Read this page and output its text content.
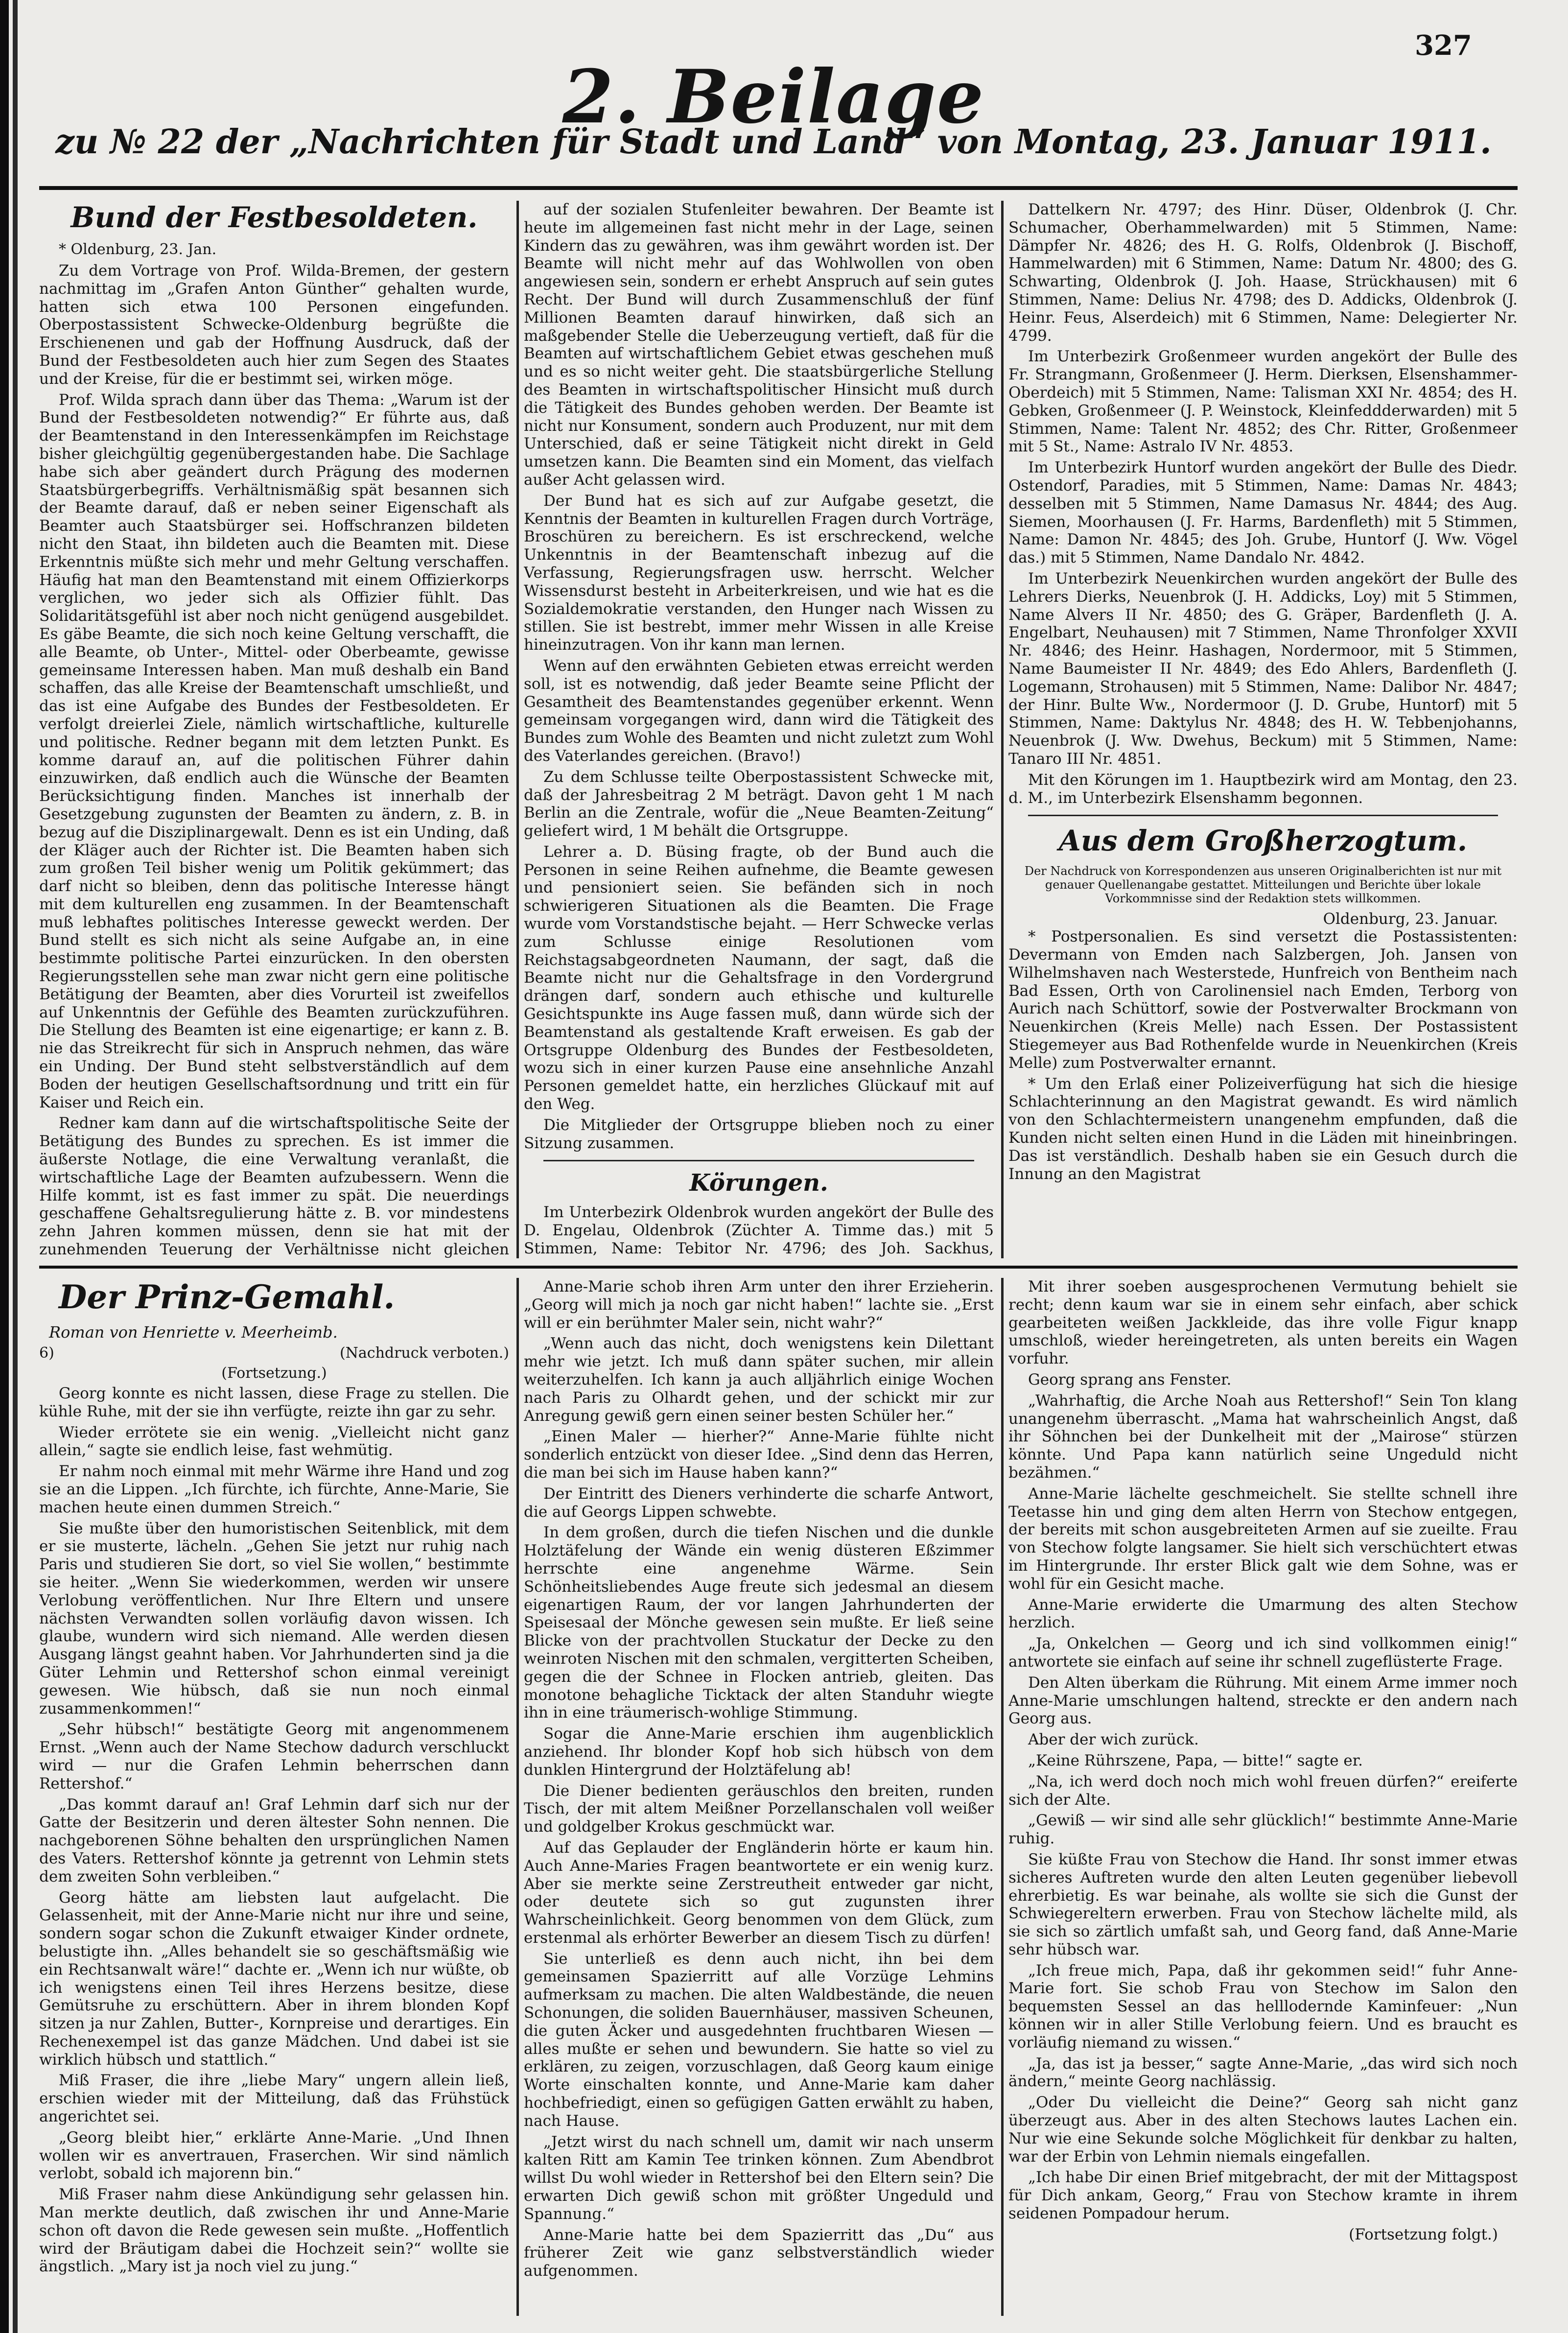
327
2. Beilage
zu № 22 der „Nachrichten für Stadt und Land“ von Montag, 23. Januar 1911.
Bund der Festbesoldeten.
* Oldenburg, 23. Jan.

Zu dem Vortrage von Prof. Wilda-Bremen, der gestern nachmittag im „Grafen Anton Günther“ gehalten wurde, hatten sich etwa 100 Personen eingefunden. Oberpostassistent Schwecke-Oldenburg begrüßte die Erschienenen und gab der Hoffnung Ausdruck, daß der Bund der Festbesoldeten auch hier zum Segen des Staates und der Kreise, für die er bestimmt sei, wirken möge.

Prof. Wilda sprach dann über das Thema: „Warum ist der Bund der Festbesoldeten notwendig?“ Er führte aus, daß der Beamtenstand in den Interessenkämpfen im Reichstage bisher gleichgültig gegenübergestanden habe. Die Sachlage habe sich aber geändert durch Prägung des modernen Staatsbürgerbegriffs. Verhältnismäßig spät besannen sich der Beamte darauf, daß er neben seiner Eigenschaft als Beamter auch Staatsbürger sei. Hoffschranzen bildeten nicht den Staat, ihn bildeten auch die Beamten mit. Diese Erkenntnis müßte sich mehr und mehr Geltung verschaffen. Häufig hat man den Beamtenstand mit einem Offizierkorps verglichen, wo jeder sich als Offizier fühlt. Das Solidaritätsgefühl ist aber noch nicht genügend ausgebildet. Es gäbe Beamte, die sich noch keine Geltung verschafft, die alle Beamte, ob Unter-, Mittel- oder Oberbeamte, gewisse gemeinsame Interessen haben. Man muß deshalb ein Band schaffen, das alle Kreise der Beamtenschaft umschließt, und das ist eine Aufgabe des Bundes der Festbesoldeten. Er verfolgt dreierlei Ziele, nämlich wirtschaftliche, kulturelle und politische. Redner begann mit dem letzten Punkt. Es komme darauf an, auf die politischen Führer dahin einzuwirken, daß endlich auch die Wünsche der Beamten Berücksichtigung finden. Manches ist innerhalb der Gesetzgebung zugunsten der Beamten zu ändern, z. B. in bezug auf die Disziplinargewalt. Denn es ist ein Unding, daß der Kläger auch der Richter ist. Die Beamten haben sich zum großen Teil bisher wenig um Politik gekümmert; das darf nicht so bleiben, denn das politische Interesse hängt mit dem kulturellen eng zusammen. In der Beamtenschaft muß lebhaftes politisches Interesse geweckt werden. Der Bund stellt es sich nicht als seine Aufgabe an, in eine bestimmte politische Partei einzurücken. In den obersten Regierungsstellen sehe man zwar nicht gern eine politische Betätigung der Beamten, aber dies Vorurteil ist zweifellos auf Unkenntnis der Gefühle des Beamten zurückzuführen. Die Stellung des Beamten ist eine eigenartige; er kann z. B. nie das Streikrecht für sich in Anspruch nehmen, das wäre ein Unding. Der Bund steht selbstverständlich auf dem Boden der heutigen Gesellschaftsordnung und tritt ein für Kaiser und Reich ein.

Redner kam dann auf die wirtschaftspolitische Seite der Betätigung des Bundes zu sprechen. Es ist immer die äußerste Notlage, die eine Verwaltung veranlaßt, die wirtschaftliche Lage der Beamten aufzubessern. Wenn die Hilfe kommt, ist es fast immer zu spät. Die neuerdings geschaffene Gehaltsregulierung hätte z. B. vor mindestens zehn Jahren kommen müssen, denn sie hat mit der zunehmenden Teuerung der Verhältnisse nicht gleichen

auf der sozialen Stufenleiter bewahren. Der Beamte ist heute im allgemeinen fast nicht mehr in der Lage, seinen Kindern das zu gewähren, was ihm gewährt worden ist. Der Beamte will nicht mehr auf das Wohlwollen von oben angewiesen sein, sondern er erhebt Anspruch auf sein gutes Recht. Der Bund will durch Zusammenschluß der fünf Millionen Beamten darauf hinwirken, daß sich an maßgebender Stelle die Ueberzeugung vertieft, daß für die Beamten auf wirtschaftlichem Gebiet etwas geschehen muß und es so nicht weiter geht. Die staatsbürgerliche Stellung des Beamten in wirtschaftspolitischer Hinsicht muß durch die Tätigkeit des Bundes gehoben werden. Der Beamte ist nicht nur Konsument, sondern auch Produzent, nur mit dem Unterschied, daß er seine Tätigkeit nicht direkt in Geld umsetzen kann. Die Beamten sind ein Moment, das vielfach außer Acht gelassen wird.

Der Bund hat es sich auf zur Aufgabe gesetzt, die Kenntnis der Beamten in kulturellen Fragen durch Vorträge, Broschüren zu bereichern. Es ist erschreckend, welche Unkenntnis in der Beamtenschaft inbezug auf die Verfassung, Regierungsfragen usw. herrscht. Welcher Wissensdurst besteht in Arbeiterkreisen, und wie hat es die Sozialdemokratie verstanden, den Hunger nach Wissen zu stillen. Sie ist bestrebt, immer mehr Wissen in alle Kreise hineinzutragen. Von ihr kann man lernen.

Wenn auf den erwähnten Gebieten etwas erreicht werden soll, ist es notwendig, daß jeder Beamte seine Pflicht der Gesamtheit des Beamtenstandes gegenüber erkennt. Wenn gemeinsam vorgegangen wird, dann wird die Tätigkeit des Bundes zum Wohle des Beamten und nicht zuletzt zum Wohl des Vaterlandes gereichen. (Bravo!)

Zu dem Schlusse teilte Oberpostassistent Schwecke mit, daß der Jahresbeitrag 2 M beträgt. Davon geht 1 M nach Berlin an die Zentrale, wofür die „Neue Beamten-Zeitung“ geliefert wird, 1 M behält die Ortsgruppe.

Lehrer a. D. Büsing fragte, ob der Bund auch die Personen in seine Reihen aufnehme, die Beamte gewesen und pensioniert seien. Sie befänden sich in noch schwierigeren Situationen als die Beamten. Die Frage wurde vom Vorstandstische bejaht. — Herr Schwecke verlas zum Schlusse einige Resolutionen vom Reichstagsabgeordneten Naumann, der sagt, daß die Beamte nicht nur die Gehaltsfrage in den Vordergrund drängen darf, sondern auch ethische und kulturelle Gesichtspunkte ins Auge fassen muß, dann würde sich der Beamtenstand als gestaltende Kraft erweisen. Es gab der Ortsgruppe Oldenburg des Bundes der Festbesoldeten, wozu sich in einer kurzen Pause eine ansehnliche Anzahl Personen gemeldet hatte, ein herzliches Glückauf mit auf den Weg.

Die Mitglieder der Ortsgruppe blieben noch zu einer Sitzung zusammen.

Körungen.

Im Unterbezirk Oldenbrok wurden angekört der Bulle des D. Engelau, Oldenbrok (Züchter A. Timme das.) mit 5 Stimmen, Name: Tebitor Nr. 4796; des Joh. Sackhus,

Dattelkern Nr. 4797; des Hinr. Düser, Oldenbrok (J. Chr. Schumacher, Oberhammelwarden) mit 5 Stimmen, Name: Dämpfer Nr. 4826; des H. G. Rolfs, Oldenbrok (J. Bischoff, Hammelwarden) mit 6 Stimmen, Name: Datum Nr. 4800; des G. Schwarting, Oldenbrok (J. Joh. Haase, Strückhausen) mit 6 Stimmen, Name: Delius Nr. 4798; des D. Addicks, Oldenbrok (J. Heinr. Feus, Alserdeich) mit 6 Stimmen, Name: Delegierter Nr. 4799.

Im Unterbezirk Großenmeer wurden angekört der Bulle des Fr. Strangmann, Großenmeer (J. Herm. Dierksen, Elsenshammer-Oberdeich) mit 5 Stimmen, Name: Talisman XXI Nr. 4854; des H. Gebken, Großenmeer (J. P. Weinstock, Kleinfeddderwarden) mit 5 Stimmen, Name: Talent Nr. 4852; des Chr. Ritter, Großenmeer mit 5 St., Name: Astralo IV Nr. 4853.

Im Unterbezirk Huntorf wurden angekört der Bulle des Diedr. Ostendorf, Paradies, mit 5 Stimmen, Name: Damas Nr. 4843; desselben mit 5 Stimmen, Name Damasus Nr. 4844; des Aug. Siemen, Moorhausen (J. Fr. Harms, Bardenfleth) mit 5 Stimmen, Name: Damon Nr. 4845; des Joh. Grube, Huntorf (J. Ww. Vögel das.) mit 5 Stimmen, Name Dandalo Nr. 4842.

Im Unterbezirk Neuenkirchen wurden angekört der Bulle des Lehrers Dierks, Neuenbrok (J. H. Addicks, Loy) mit 5 Stimmen, Name Alvers II Nr. 4850; des G. Gräper, Bardenfleth (J. A. Engelbart, Neuhausen) mit 7 Stimmen, Name Thronfolger XXVII Nr. 4846; des Heinr. Hashagen, Nordermoor, mit 5 Stimmen, Name Baumeister II Nr. 4849; des Edo Ahlers, Bardenfleth (J. Logemann, Strohausen) mit 5 Stimmen, Name: Dalibor Nr. 4847; der Hinr. Bulte Ww., Nordermoor (J. D. Grube, Huntorf) mit 5 Stimmen, Name: Daktylus Nr. 4848; des H. W. Tebbenjohanns, Neuenbrok (J. Ww. Dwehus, Beckum) mit 5 Stimmen, Name: Tanaro III Nr. 4851.

Mit den Körungen im 1. Hauptbezirk wird am Montag, den 23. d. M., im Unterbezirk Elsenshamm begonnen.

Aus dem Großherzogtum.
Der Nachdruck von Korrespondenzen aus unseren Originalberichten ist nur mit genauer Quellenangabe gestattet. Mitteilungen und Berichte über lokale Vorkommnisse sind der Redaktion stets willkommen.
Oldenburg, 23. Januar.

* Postpersonalien. Es sind versetzt die Postassistenten: Devermann von Emden nach Salzbergen, Joh. Jansen von Wilhelmshaven nach Westerstede, Hunfreich von Bentheim nach Bad Essen, Orth von Carolinensiel nach Emden, Terborg von Aurich nach Schüttorf, sowie der Postverwalter Brockmann von Neuenkirchen (Kreis Melle) nach Essen. Der Postassistent Stiegemeyer aus Bad Rothenfelde wurde in Neuenkirchen (Kreis Melle) zum Postverwalter ernannt.

* Um den Erlaß einer Polizeiverfügung hat sich die hiesige Schlachterinnung an den Magistrat gewandt. Es wird nämlich von den Schlachtermeistern unangenehm empfunden, daß die Kunden nicht selten einen Hund in die Läden mit hineinbringen. Das ist verständlich. Deshalb haben sie ein Gesuch durch die Innung an den Magistrat

Der Prinz-Gemahl.
Roman von Henriette v. Meerheimb.
6)	(Nachdruck verboten.)
(Fortsetzung.)

Georg konnte es nicht lassen, diese Frage zu stellen. Die kühle Ruhe, mit der sie ihn verfügte, reizte ihn gar zu sehr.

Wieder errötete sie ein wenig. „Vielleicht nicht ganz allein,“ sagte sie endlich leise, fast wehmütig.

Er nahm noch einmal mit mehr Wärme ihre Hand und zog sie an die Lippen. „Ich fürchte, ich fürchte, Anne-Marie, Sie machen heute einen dummen Streich.“

Sie mußte über den humoristischen Seitenblick, mit dem er sie musterte, lächeln. „Gehen Sie jetzt nur ruhig nach Paris und studieren Sie dort, so viel Sie wollen,“ bestimmte sie heiter. „Wenn Sie wiederkommen, werden wir unsere Verlobung veröffentlichen. Nur Ihre Eltern und unsere nächsten Verwandten sollen vorläufig davon wissen. Ich glaube, wundern wird sich niemand. Alle werden diesen Ausgang längst geahnt haben. Vor Jahrhunderten sind ja die Güter Lehmin und Rettershof schon einmal vereinigt gewesen. Wie hübsch, daß sie nun noch einmal zusammenkommen!“

„Sehr hübsch!“ bestätigte Georg mit angenommenem Ernst. „Wenn auch der Name Stechow dadurch verschluckt wird — nur die Grafen Lehmin beherrschen dann Rettershof.“

„Das kommt darauf an! Graf Lehmin darf sich nur der Gatte der Besitzerin und deren ältester Sohn nennen. Die nachgeborenen Söhne behalten den ursprünglichen Namen des Vaters. Rettershof könnte ja getrennt von Lehmin stets dem zweiten Sohn verbleiben.“

Georg hätte am liebsten laut aufgelacht. Die Gelassenheit, mit der Anne-Marie nicht nur ihre und seine, sondern sogar schon die Zukunft etwaiger Kinder ordnete, belustigte ihn. „Alles behandelt sie so geschäftsmäßig wie ein Rechtsanwalt wäre!“ dachte er. „Wenn ich nur wüßte, ob ich wenigstens einen Teil ihres Herzens besitze, diese Gemütsruhe zu erschüttern. Aber in ihrem blonden Kopf sitzen ja nur Zahlen, Butter-, Kornpreise und derartiges. Ein Rechenexempel ist das ganze Mädchen. Und dabei ist sie wirklich hübsch und stattlich.“

Miß Fraser, die ihre „liebe Mary“ ungern allein ließ, erschien wieder mit der Mitteilung, daß das Frühstück angerichtet sei.

„Georg bleibt hier,“ erklärte Anne-Marie. „Und Ihnen wollen wir es anvertrauen, Fraserchen. Wir sind nämlich verlobt, sobald ich majorenn bin.“

Miß Fraser nahm diese Ankündigung sehr gelassen hin. Man merkte deutlich, daß zwischen ihr und Anne-Marie schon oft davon die Rede gewesen sein mußte. „Hoffentlich wird der Bräutigam dabei die Hochzeit sein?“ wollte sie ängstlich. „Mary ist ja noch viel zu jung.“

Anne-Marie schob ihren Arm unter den ihrer Erzieherin. „Georg will mich ja noch gar nicht haben!“ lachte sie. „Erst will er ein berühmter Maler sein, nicht wahr?“

„Wenn auch das nicht, doch wenigstens kein Dilettant mehr wie jetzt. Ich muß dann später suchen, mir allein weiterzuhelfen. Ich kann ja auch alljährlich einige Wochen nach Paris zu Olhardt gehen, und der schickt mir zur Anregung gewiß gern einen seiner besten Schüler her.“

„Einen Maler — hierher?“ Anne-Marie fühlte nicht sonderlich entzückt von dieser Idee. „Sind denn das Herren, die man bei sich im Hause haben kann?“

Der Eintritt des Dieners verhinderte die scharfe Antwort, die auf Georgs Lippen schwebte.

In dem großen, durch die tiefen Nischen und die dunkle Holztäfelung der Wände ein wenig düsteren Eßzimmer herrschte eine angenehme Wärme. Sein Schönheitsliebendes Auge freute sich jedesmal an diesem eigenartigen Raum, der vor langen Jahrhunderten der Speisesaal der Mönche gewesen sein mußte. Er ließ seine Blicke von der prachtvollen Stuckatur der Decke zu den weinroten Nischen mit den schmalen, vergitterten Scheiben, gegen die der Schnee in Flocken antrieb, gleiten. Das monotone behagliche Ticktack der alten Standuhr wiegte ihn in eine träumerisch-wohlige Stimmung.

Sogar die Anne-Marie erschien ihm augenblicklich anziehend. Ihr blonder Kopf hob sich hübsch von dem dunklen Hintergrund der Holztäfelung ab!

Die Diener bedienten geräuschlos den breiten, runden Tisch, der mit altem Meißner Porzellanschalen voll weißer und goldgelber Krokus geschmückt war.

Auf das Geplauder der Engländerin hörte er kaum hin. Auch Anne-Maries Fragen beantwortete er ein wenig kurz. Aber sie merkte seine Zerstreutheit entweder gar nicht, oder deutete sich so gut zugunsten ihrer Wahrscheinlichkeit. Georg benommen von dem Glück, zum erstenmal als erhörter Bewerber an diesem Tisch zu dürfen!

Sie unterließ es denn auch nicht, ihn bei dem gemeinsamen Spazierritt auf alle Vorzüge Lehmins aufmerksam zu machen. Die alten Waldbestände, die neuen Schonungen, die soliden Bauernhäuser, massiven Scheunen, die guten Äcker und ausgedehnten fruchtbaren Wiesen — alles mußte er sehen und bewundern. Sie hatte so viel zu erklären, zu zeigen, vorzuschlagen, daß Georg kaum einige Worte einschalten konnte, und Anne-Marie kam daher hochbefriedigt, einen so gefügigen Gatten erwählt zu haben, nach Hause.

„Jetzt wirst du nach schnell um, damit wir nach unserm kalten Ritt am Kamin Tee trinken können. Zum Abendbrot willst Du wohl wieder in Rettershof bei den Eltern sein? Die erwarten Dich gewiß schon mit größter Ungeduld und Spannung.“

Anne-Marie hatte bei dem Spazierritt das „Du“ aus früherer Zeit wie ganz selbstverständlich wieder aufgenommen.

Mit ihrer soeben ausgesprochenen Vermutung behielt sie recht; denn kaum war sie in einem sehr einfach, aber schick gearbeiteten weißen Jackkleide, das ihre volle Figur knapp umschloß, wieder hereingetreten, als unten bereits ein Wagen vorfuhr.

Georg sprang ans Fenster.

„Wahrhaftig, die Arche Noah aus Rettershof!“ Sein Ton klang unangenehm überrascht. „Mama hat wahrscheinlich Angst, daß ihr Söhnchen bei der Dunkelheit mit der „Mairose“ stürzen könnte. Und Papa kann natürlich seine Ungeduld nicht bezähmen.“

Anne-Marie lächelte geschmeichelt. Sie stellte schnell ihre Teetasse hin und ging dem alten Herrn von Stechow entgegen, der bereits mit schon ausgebreiteten Armen auf sie zueilte. Frau von Stechow folgte langsamer. Sie hielt sich verschüchtert etwas im Hintergrunde. Ihr erster Blick galt wie dem Sohne, was er wohl für ein Gesicht mache.

Anne-Marie erwiderte die Umarmung des alten Stechow herzlich.

„Ja, Onkelchen — Georg und ich sind vollkommen einig!“ antwortete sie einfach auf seine ihr schnell zugeflüsterte Frage.

Den Alten überkam die Rührung. Mit einem Arme immer noch Anne-Marie umschlungen haltend, streckte er den andern nach Georg aus.

Aber der wich zurück.

„Keine Rührszene, Papa, — bitte!“ sagte er.

„Na, ich werd doch noch mich wohl freuen dürfen?“ ereiferte sich der Alte.

„Gewiß — wir sind alle sehr glücklich!“ bestimmte Anne-Marie ruhig.

Sie küßte Frau von Stechow die Hand. Ihr sonst immer etwas sicheres Auftreten wurde den alten Leuten gegenüber liebevoll ehrerbietig. Es war beinahe, als wollte sie sich die Gunst der Schwiegereltern erwerben. Frau von Stechow lächelte mild, als sie sich so zärtlich umfaßt sah, und Georg fand, daß Anne-Marie sehr hübsch war.

„Ich freue mich, Papa, daß ihr gekommen seid!“ fuhr Anne-Marie fort. Sie schob Frau von Stechow im Salon den bequemsten Sessel an das helllodernde Kaminfeuer: „Nun können wir in aller Stille Verlobung feiern. Und es braucht es vorläufig niemand zu wissen.“

„Ja, das ist ja besser,“ sagte Anne-Marie, „das wird sich noch ändern,“ meinte Georg nachlässig.

„Oder Du vielleicht die Deine?“ Georg sah nicht ganz überzeugt aus. Aber in des alten Stechows lautes Lachen ein. Nur wie eine Sekunde solche Möglichkeit für denkbar zu halten, war der Erbin von Lehmin niemals eingefallen.

„Ich habe Dir einen Brief mitgebracht, der mit der Mittagspost für Dich ankam, Georg,“ Frau von Stechow kramte in ihrem seidenen Pompadour herum.

(Fortsetzung folgt.)
